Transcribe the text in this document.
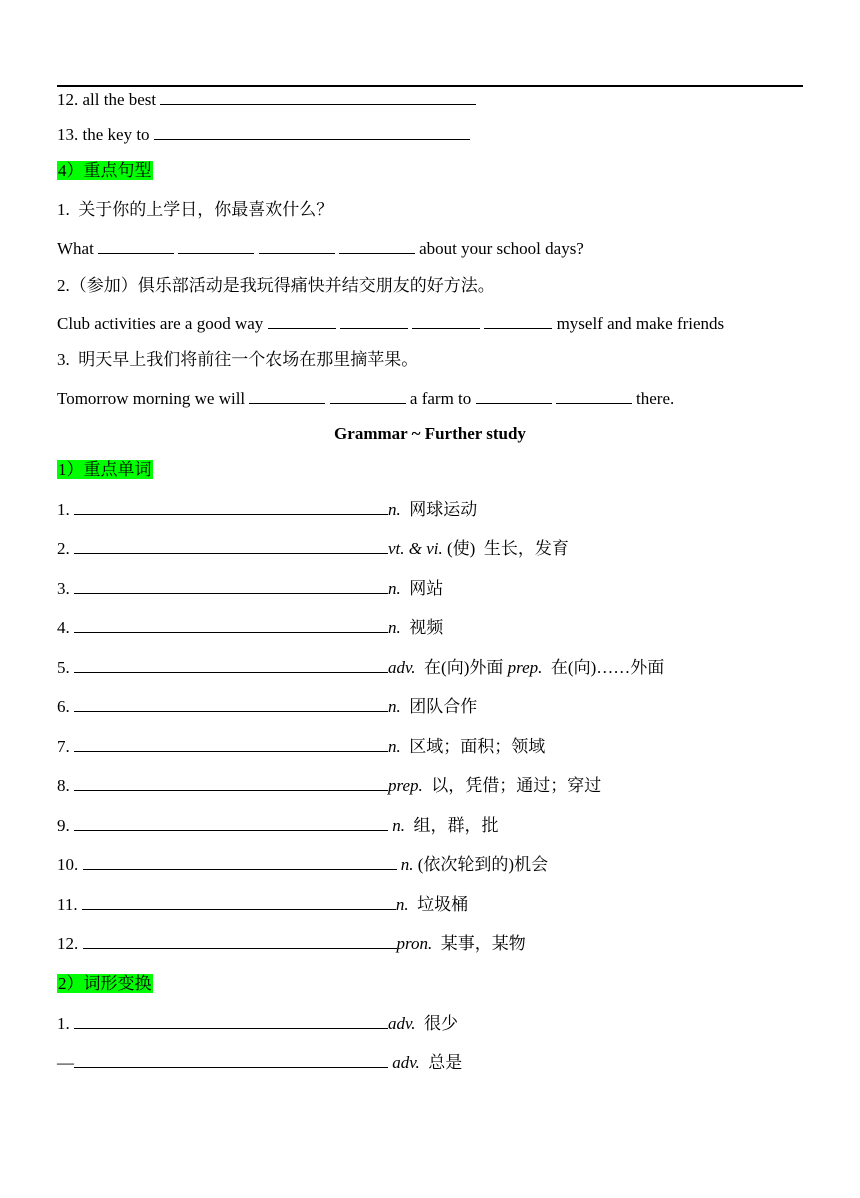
12. all the best
13. the key to
4）重点句型
1.  关于你的上学日，你最喜欢什么？
What	about your school days?
2.（参加）俱乐部活动是我玩得痛快并结交朋友的好方法。
Club activities are a good way	myself and make friends
3.  明天早上我们将前往一个农场在那里摘苹果。
Tomorrow morning we will	a farm to	there.
Grammar ~ Further study
1）重点单词
1.	n. 网球运动
2.	vt. & vi. (使)  生长，发育
3.	n. 网站
4.	n. 视频
5.	adv. 在(向)外面 prep. 在(向)……外面
6.	n. 团队合作
7.	n. 区域；面积；领域
8.	prep. 以，凭借；通过；穿过
9.	n. 组，群，批
10.	n. (依次轮到的)机会
11.	n. 垃圾桶
12.	pron. 某事，某物
2）词形变换
1.	adv. 很少
—	adv. 总是
